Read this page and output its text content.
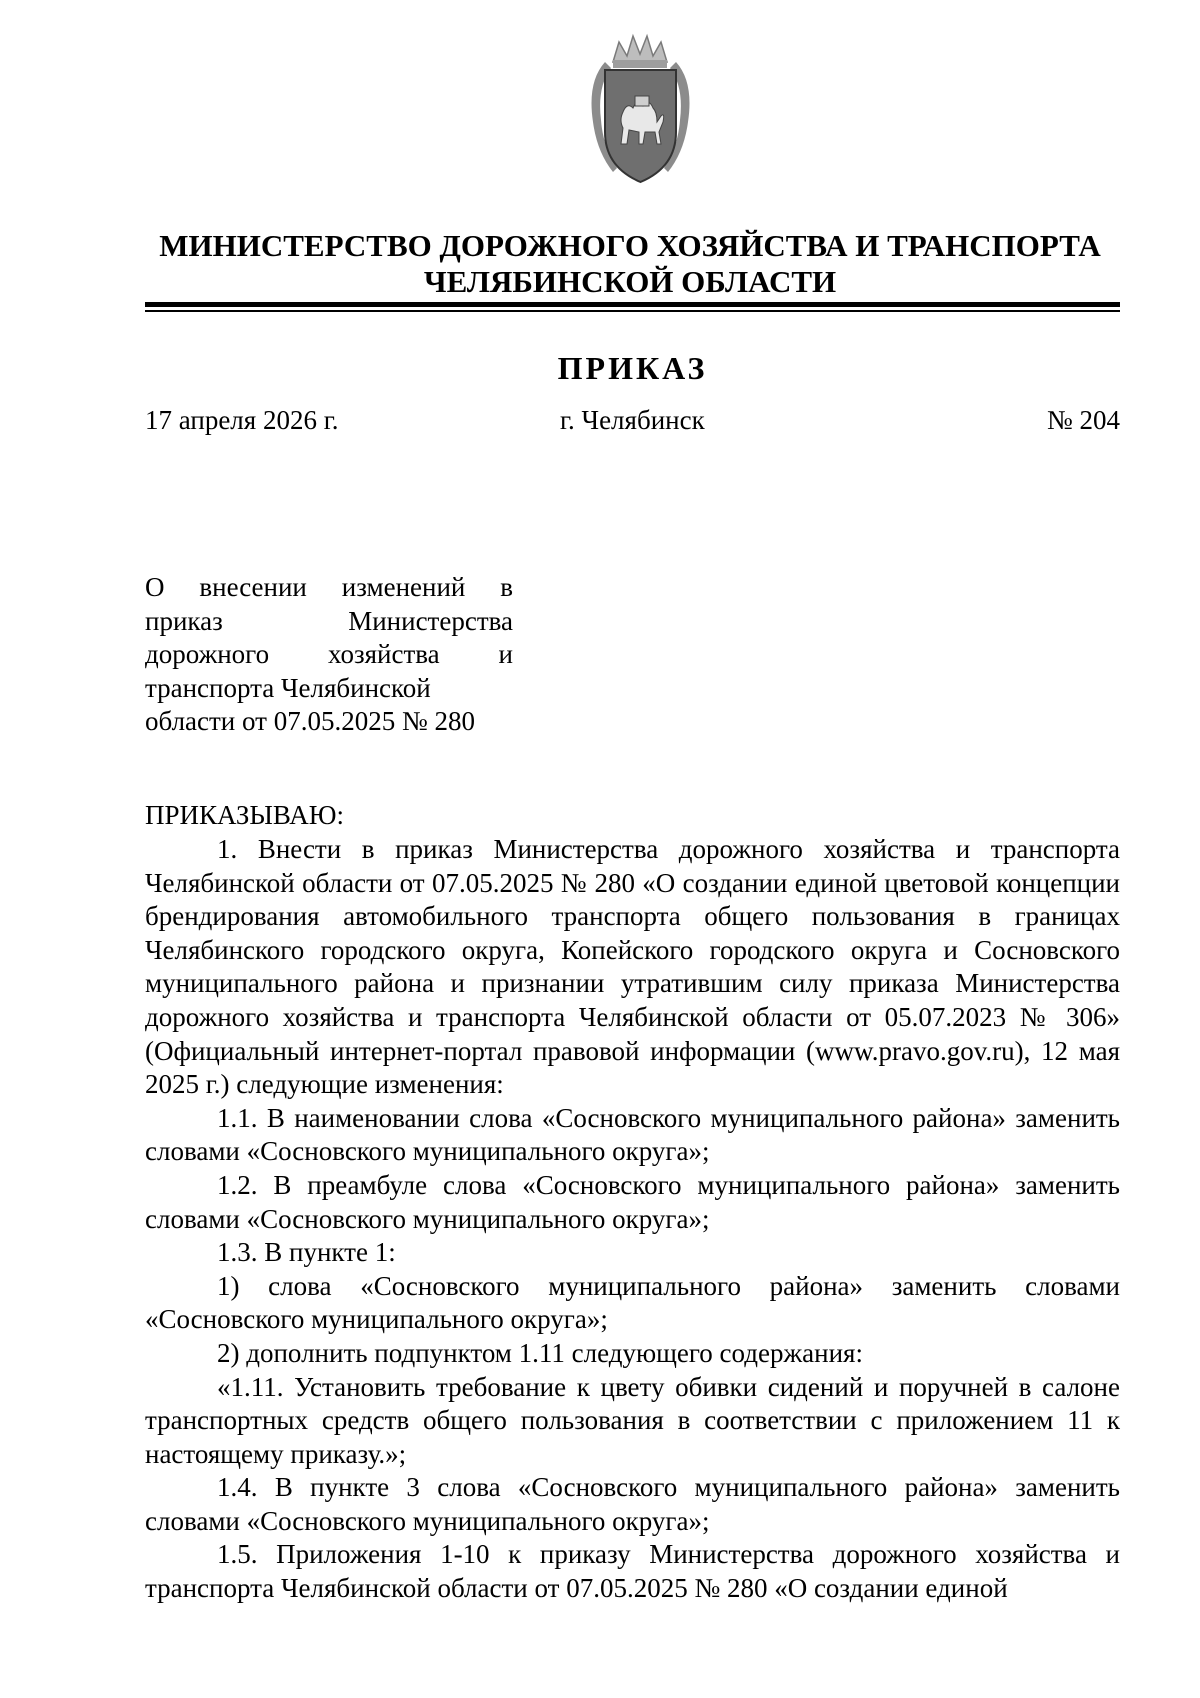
МИНИСТЕРСТВО ДОРОЖНОГО ХОЗЯЙСТВА И ТРАНСПОРТА
ЧЕЛЯБИНСКОЙ ОБЛАСТИ
ПРИКАЗ
17 апреля 2026 г.	г. Челябинск	№ 204
О внесении изменений в приказ Министерства дорожного хозяйства и транспорта Челябинской
области от 07.05.2025 № 280
ПРИКАЗЫВАЮ:

1. Внести в приказ Министерства дорожного хозяйства и транспорта Челябинской области от 07.05.2025 № 280 «О создании единой цветовой концепции брендирования автомобильного транспорта общего пользования в границах Челябинского городского округа, Копейского городского округа и Сосновского муниципального района и признании утратившим силу приказа Министерства дорожного хозяйства и транспорта Челябинской области от 05.07.2023 № 306» (Официальный интернет-портал правовой информации (www.pravo.gov.ru), 12 мая 2025 г.) следующие изменения:

1.1. В наименовании слова «Сосновского муниципального района» заменить словами «Сосновского муниципального округа»;

1.2. В преамбуле слова «Сосновского муниципального района» заменить словами «Сосновского муниципального округа»;

1.3. В пункте 1:

1) слова «Сосновского муниципального района» заменить словами «Сосновского муниципального округа»;

2) дополнить подпунктом 1.11 следующего содержания:

«1.11. Установить требование к цвету обивки сидений и поручней в салоне транспортных средств общего пользования в соответствии с приложением 11 к настоящему приказу.»;

1.4. В пункте 3 слова «Сосновского муниципального района» заменить словами «Сосновского муниципального округа»;

1.5. Приложения 1-10 к приказу Министерства дорожного хозяйства и транспорта Челябинской области от 07.05.2025 № 280 «О создании единой
